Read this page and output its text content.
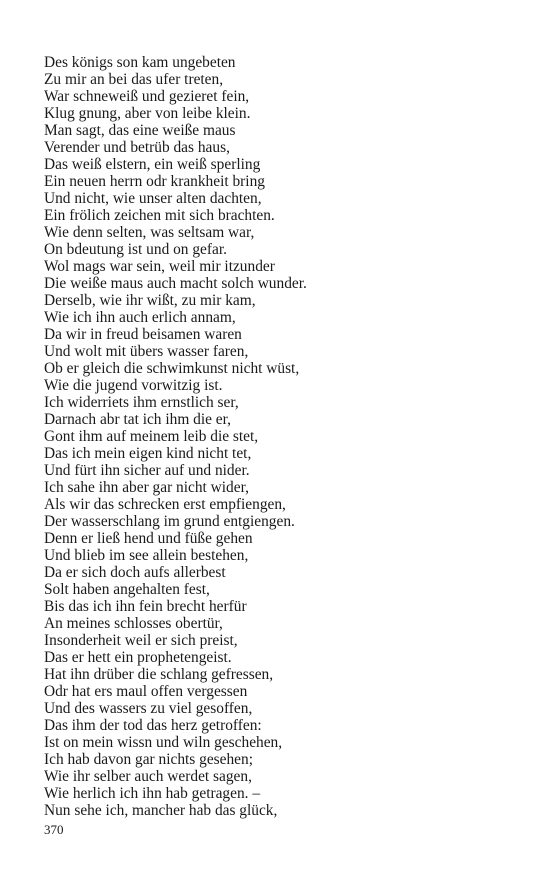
Des königs son kam ungebeten
Zu mir an bei das ufer treten,
War schneweiß und gezieret fein,
Klug gnung, aber von leibe klein.
Man sagt, das eine weiße maus
Verender und betrüb das haus,
Das weiß elstern, ein weiß sperling
Ein neuen herrn odr krankheit bring
Und nicht, wie unser alten dachten,
Ein frölich zeichen mit sich brachten.
Wie denn selten, was seltsam war,
On bdeutung ist und on gefar.
Wol mags war sein, weil mir itzunder
Die weiße maus auch macht solch wunder.
Derselb, wie ihr wißt, zu mir kam,
Wie ich ihn auch erlich annam,
Da wir in freud beisamen waren
Und wolt mit übers wasser faren,
Ob er gleich die schwimkunst nicht wüst,
Wie die jugend vorwitzig ist.
Ich widerriets ihm ernstlich ser,
Darnach abr tat ich ihm die er,
Gont ihm auf meinem leib die stet,
Das ich mein eigen kind nicht tet,
Und fürt ihn sicher auf und nider.
Ich sahe ihn aber gar nicht wider,
Als wir das schrecken erst empfiengen,
Der wasserschlang im grund entgiengen.
Denn er ließ hend und füße gehen
Und blieb im see allein bestehen,
Da er sich doch aufs allerbest
Solt haben angehalten fest,
Bis das ich ihn fein brecht herfür
An meines schlosses obertür,
Insonderheit weil er sich preist,
Das er hett ein prophetengeist.
Hat ihn drüber die schlang gefressen,
Odr hat ers maul offen vergessen
Und des wassers zu viel gesoffen,
Das ihm der tod das herz getroffen:
Ist on mein wissn und wiln geschehen,
Ich hab davon gar nichts gesehen;
Wie ihr selber auch werdet sagen,
Wie herlich ich ihn hab getragen. –
Nun sehe ich, mancher hab das glück,
370
